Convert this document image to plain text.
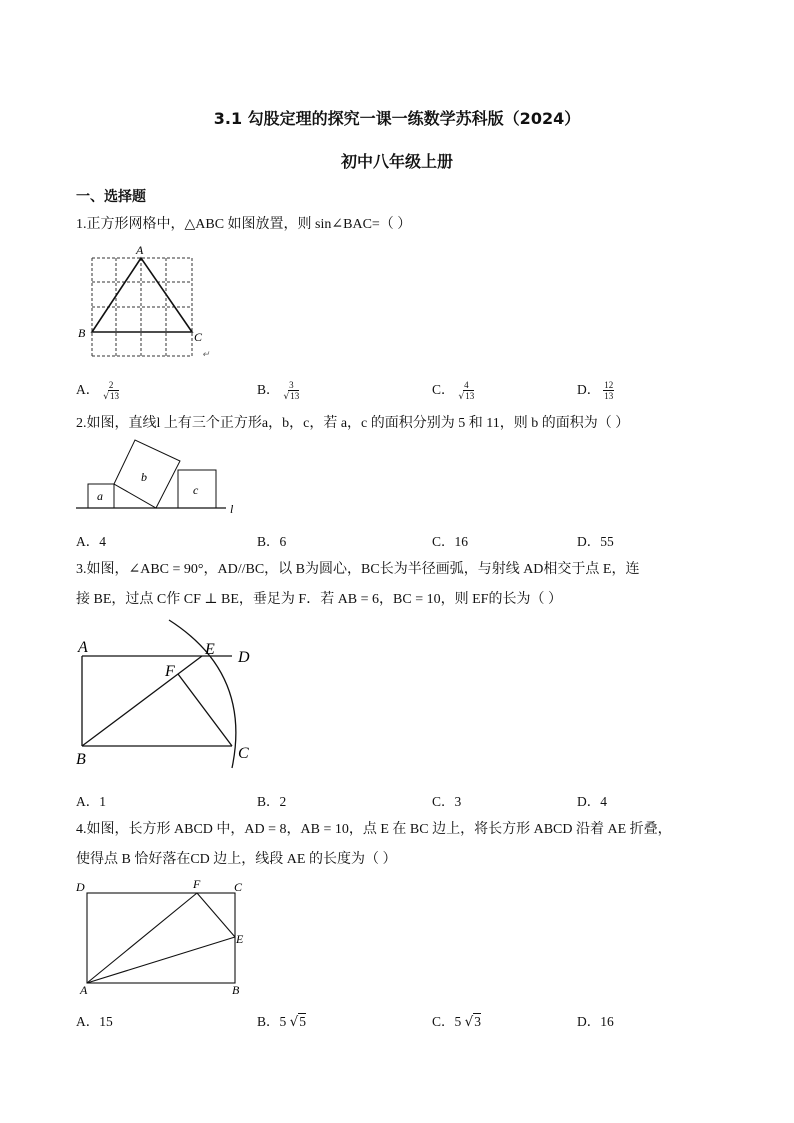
3.1 勾股定理的探究一课一练数学苏科版（2024）
初中八年级上册
一、选择题
1.正方形网格中，△ABC 如图放置，则 sin∠BAC=（ ）
A
B	C
↵
A． $\frac{2}{√13}$	B． $\frac{3}{√13}$	C． $\frac{4}{√13}$	D． $\frac{12}{13}$
2.如图，直线l 上有三个正方形a，b，c，若 a，c 的面积分别为 5 和 11，则 b 的面积为（ ）
a
b
c
l
A．4	B．6	C．16	D．55
3.如图，∠ABC = 90°，AD//BC，以 B为圆心，BC长为半径画弧，与射线 AD相交于点 E，连
接 BE，过点 C作 CF ⊥ BE，垂足为 F．若 AB = 6，BC = 10，则 EF的长为（ ）
A	E D
F
B	C
A．1	B．2	C．3	D．4
4.如图，长方形 ABCD 中，AD = 8，AB = 10，点 E 在 BC 边上，将长方形 ABCD 沿着 AE 折叠，
使得点 B 恰好落在CD 边上，线段 AE 的长度为（ ）
D	F	C
E
A	B
A．15	B．5 √5	C．5 √3	D．16
